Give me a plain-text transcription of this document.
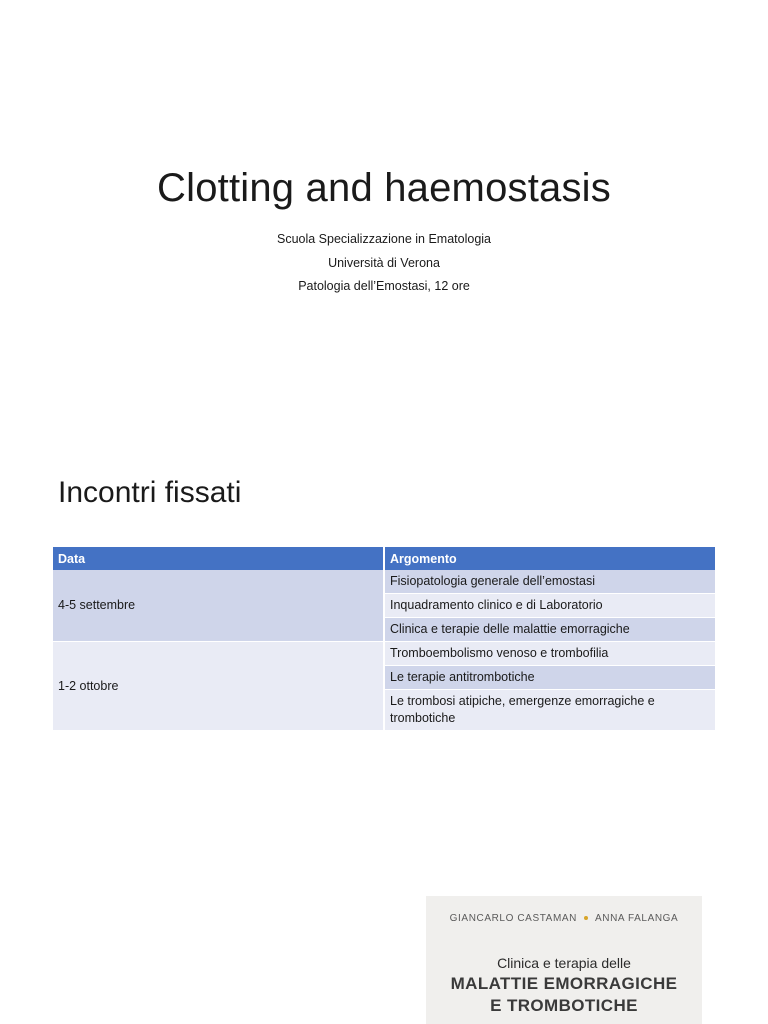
Clotting and haemostasis
Scuola Specializzazione in Ematologia
Università di Verona
Patologia dell’Emostasi, 12 ore
Incontri fissati
Data	Argomento
4-5 settembre	Fisiopatologia generale dell’emostasi
	Inquadramento clinico e di Laboratorio
	Clinica e terapie delle malattie emorragiche
1-2 ottobre	Tromboembolismo venoso e trombofilia
	Le terapie antitrombotiche
	Le trombosi atipiche, emergenze emorragiche e trombotiche
GIANCARLO CASTAMAN ANNA FALANGA
Clinica e terapia delle
MALATTIE EMORRAGICHE
E TROMBOTICHE
